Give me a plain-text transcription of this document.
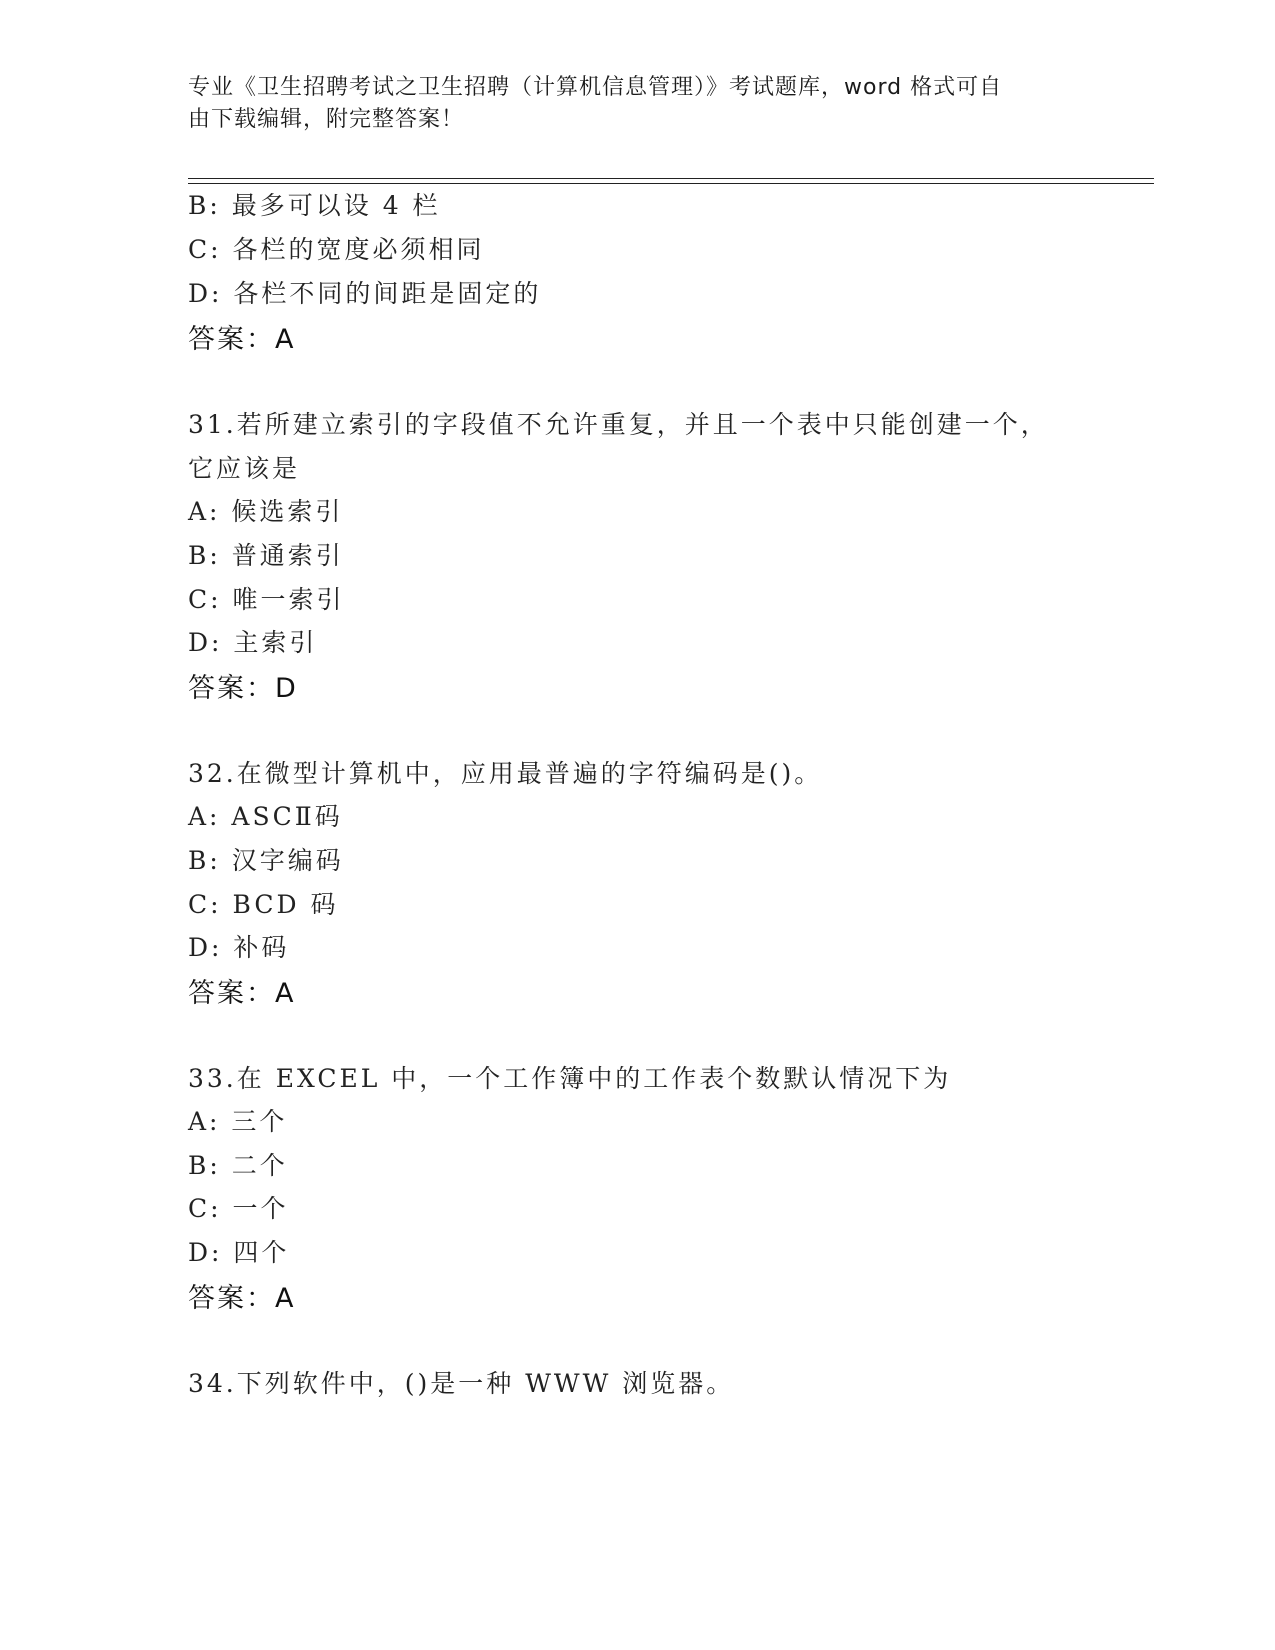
专业《卫生招聘考试之卫生招聘（计算机信息管理）》考试题库，word 格式可自
由下载编辑，附完整答案！
B: 最多可以设 4 栏
C: 各栏的宽度必须相同
D: 各栏不同的间距是固定的
答案：A
31.若所建立索引的字段值不允许重复，并且一个表中只能创建一个，
它应该是
A: 候选索引
B: 普通索引
C: 唯一索引
D: 主索引
答案：D
32.在微型计算机中，应用最普遍的字符编码是()。
A: ASCⅡ码
B: 汉字编码
C: BCD 码
D: 补码
答案：A
33.在 EXCEL 中，一个工作簿中的工作表个数默认情况下为
A: 三个
B: 二个
C: 一个
D: 四个
答案：A
34.下列软件中，()是一种 WWW 浏览器。
